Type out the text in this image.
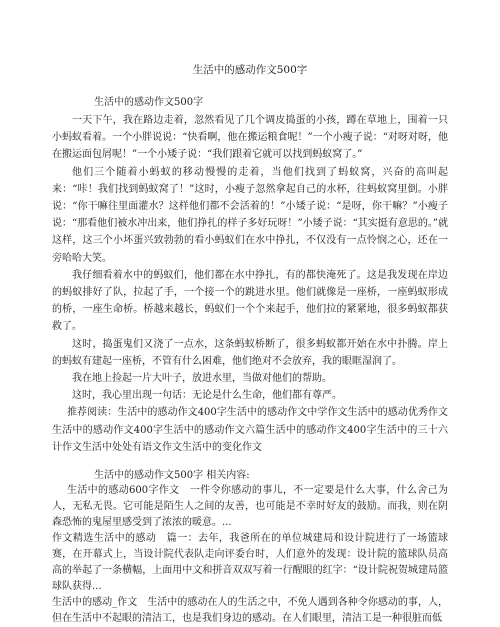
生活中的感动作文500字
生活中的感动作文500字

一天下午，我在路边走着，忽然看见了几个调皮捣蛋的小孩，蹲在草地上，围着一只小蚂蚁看着。一个小胖说说：“快看啊，他在搬运粮食呢！”一个小瘦子说：“对呀对呀，他在搬运面包屑呢！”一个小矮子说：“我们跟着它就可以找到蚂蚁窝了。”

他们三个随着小蚂蚁的移动慢慢的走着，当他们找到了蚂蚁窝，兴奋的高叫起来：“咔！我们找到蚂蚁窝了！”这时，小瘦子忽然拿起自己的水杯，往蚂蚁窝里倒。小胖说：“你干嘛往里面灌水？这样他们都不会活着的！”小矮子说：“是呀，你干嘛？”小瘦子说：“那看他们被水冲出来，他们挣扎的样子多好玩呀！”小矮子说：“其实挺有意思的。”就这样，这三个小坏蛋兴致勃勃的看小蚂蚁们在水中挣扎，不仅没有一点怜悯之心，还在一旁哈哈大笑。

我仔细看着水中的蚂蚁们，他们都在水中挣扎，有的都快淹死了。这是我发现在岸边的蚂蚁排好了队，拉起了手，一个接一个的跳进水里。他们就像是一座桥，一座蚂蚁形成的桥，一座生命桥。桥越来越长，蚂蚁们一个个来起手，他们拉的紧紧地，很多蚂蚁都获救了。

这时，捣蛋鬼们又浇了一点水，这条蚂蚁桥断了，很多蚂蚁都开始在水中扑腾。岸上的蚂蚁有建起一座桥，不管有什么困难，他们绝对不会放弃，我的眼眶湿润了。

我在地上捡起一片大叶子，放进水里，当做对他们的帮助。

这时，我心里出现一句话：无论是什么生命，他们都有尊严。

推荐阅读：生活中的感动作文400字生活中的感动作文中学作文生活中的感动优秀作文生活中的感动作文400字生活中的感动作文六篇生活中的感动作文400字生活中的三十六计作文生活中处处有语文作文生活中的变化作文

生活中的感动作文500字 相关内容:

生活中的感动600字作文　一件令你感动的事儿，不一定要是什么大事，什么舍己为人，无私无畏。它可能是陌生人之间的友善，也可能是不幸时好友的鼓励。而我，则在阴森恐怖的鬼屋里感受到了浓浓的暖意。...

作文精选生活中的感动　篇一：去年，我爸所在的单位城建局和设计院进行了一场篮球赛，在开幕式上，当设计院代表队走向评委台时，人们意外的发现：设计院的篮球队员高高的举起了一条横幅，上面用中文和拼音双双写着一行醒眼的红字：“设计院祝贺城建局篮球队获得...

生活中的感动_作文　生活中的感动在人的生活之中，不免人遇到各种令你感动的事，人，但在生活中不起眼的清洁工，也是我们身边的感动。在人们眼里，清洁工是一种很脏而低
